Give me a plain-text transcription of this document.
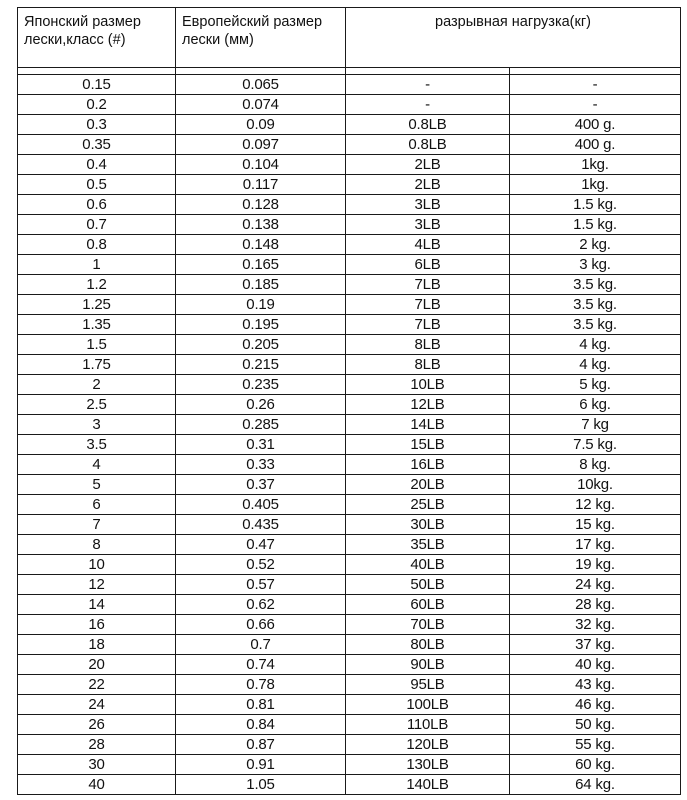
Японский размер лески,класс (#)	Европейский размер лески (мм)	разрывная нагрузка(кг)	

0.15	0.065	-	-
0.2	0.074	-	-
0.3	0.09	0.8LB	400 g.
0.35	0.097	0.8LB	400 g.
0.4	0.104	2LB	1kg.
0.5	0.117	2LB	1kg.
0.6	0.128	3LB	1.5 kg.
0.7	0.138	3LB	1.5 kg.
0.8	0.148	4LB	2 kg.
1	0.165	6LB	3 kg.
1.2	0.185	7LB	3.5 kg.
1.25	0.19	7LB	3.5 kg.
1.35	0.195	7LB	3.5 kg.
1.5	0.205	8LB	4 kg.
1.75	0.215	8LB	4 kg.
2	0.235	10LB	5 kg.
2.5	0.26	12LB	6 kg.
3	0.285	14LB	7 kg
3.5	0.31	15LB	7.5 kg.
4	0.33	16LB	8 kg.
5	0.37	20LB	10kg.
6	0.405	25LB	12 kg.
7	0.435	30LB	15 kg.
8	0.47	35LB	17 kg.
10	0.52	40LB	19 kg.
12	0.57	50LB	24 kg.
14	0.62	60LB	28 kg.
16	0.66	70LB	32 kg.
18	0.7	80LB	37 kg.
20	0.74	90LB	40 kg.
22	0.78	95LB	43 kg.
24	0.81	100LB	46 kg.
26	0.84	110LB	50 kg.
28	0.87	120LB	55 kg.
30	0.91	130LB	60 kg.
40	1.05	140LB	64 kg.
